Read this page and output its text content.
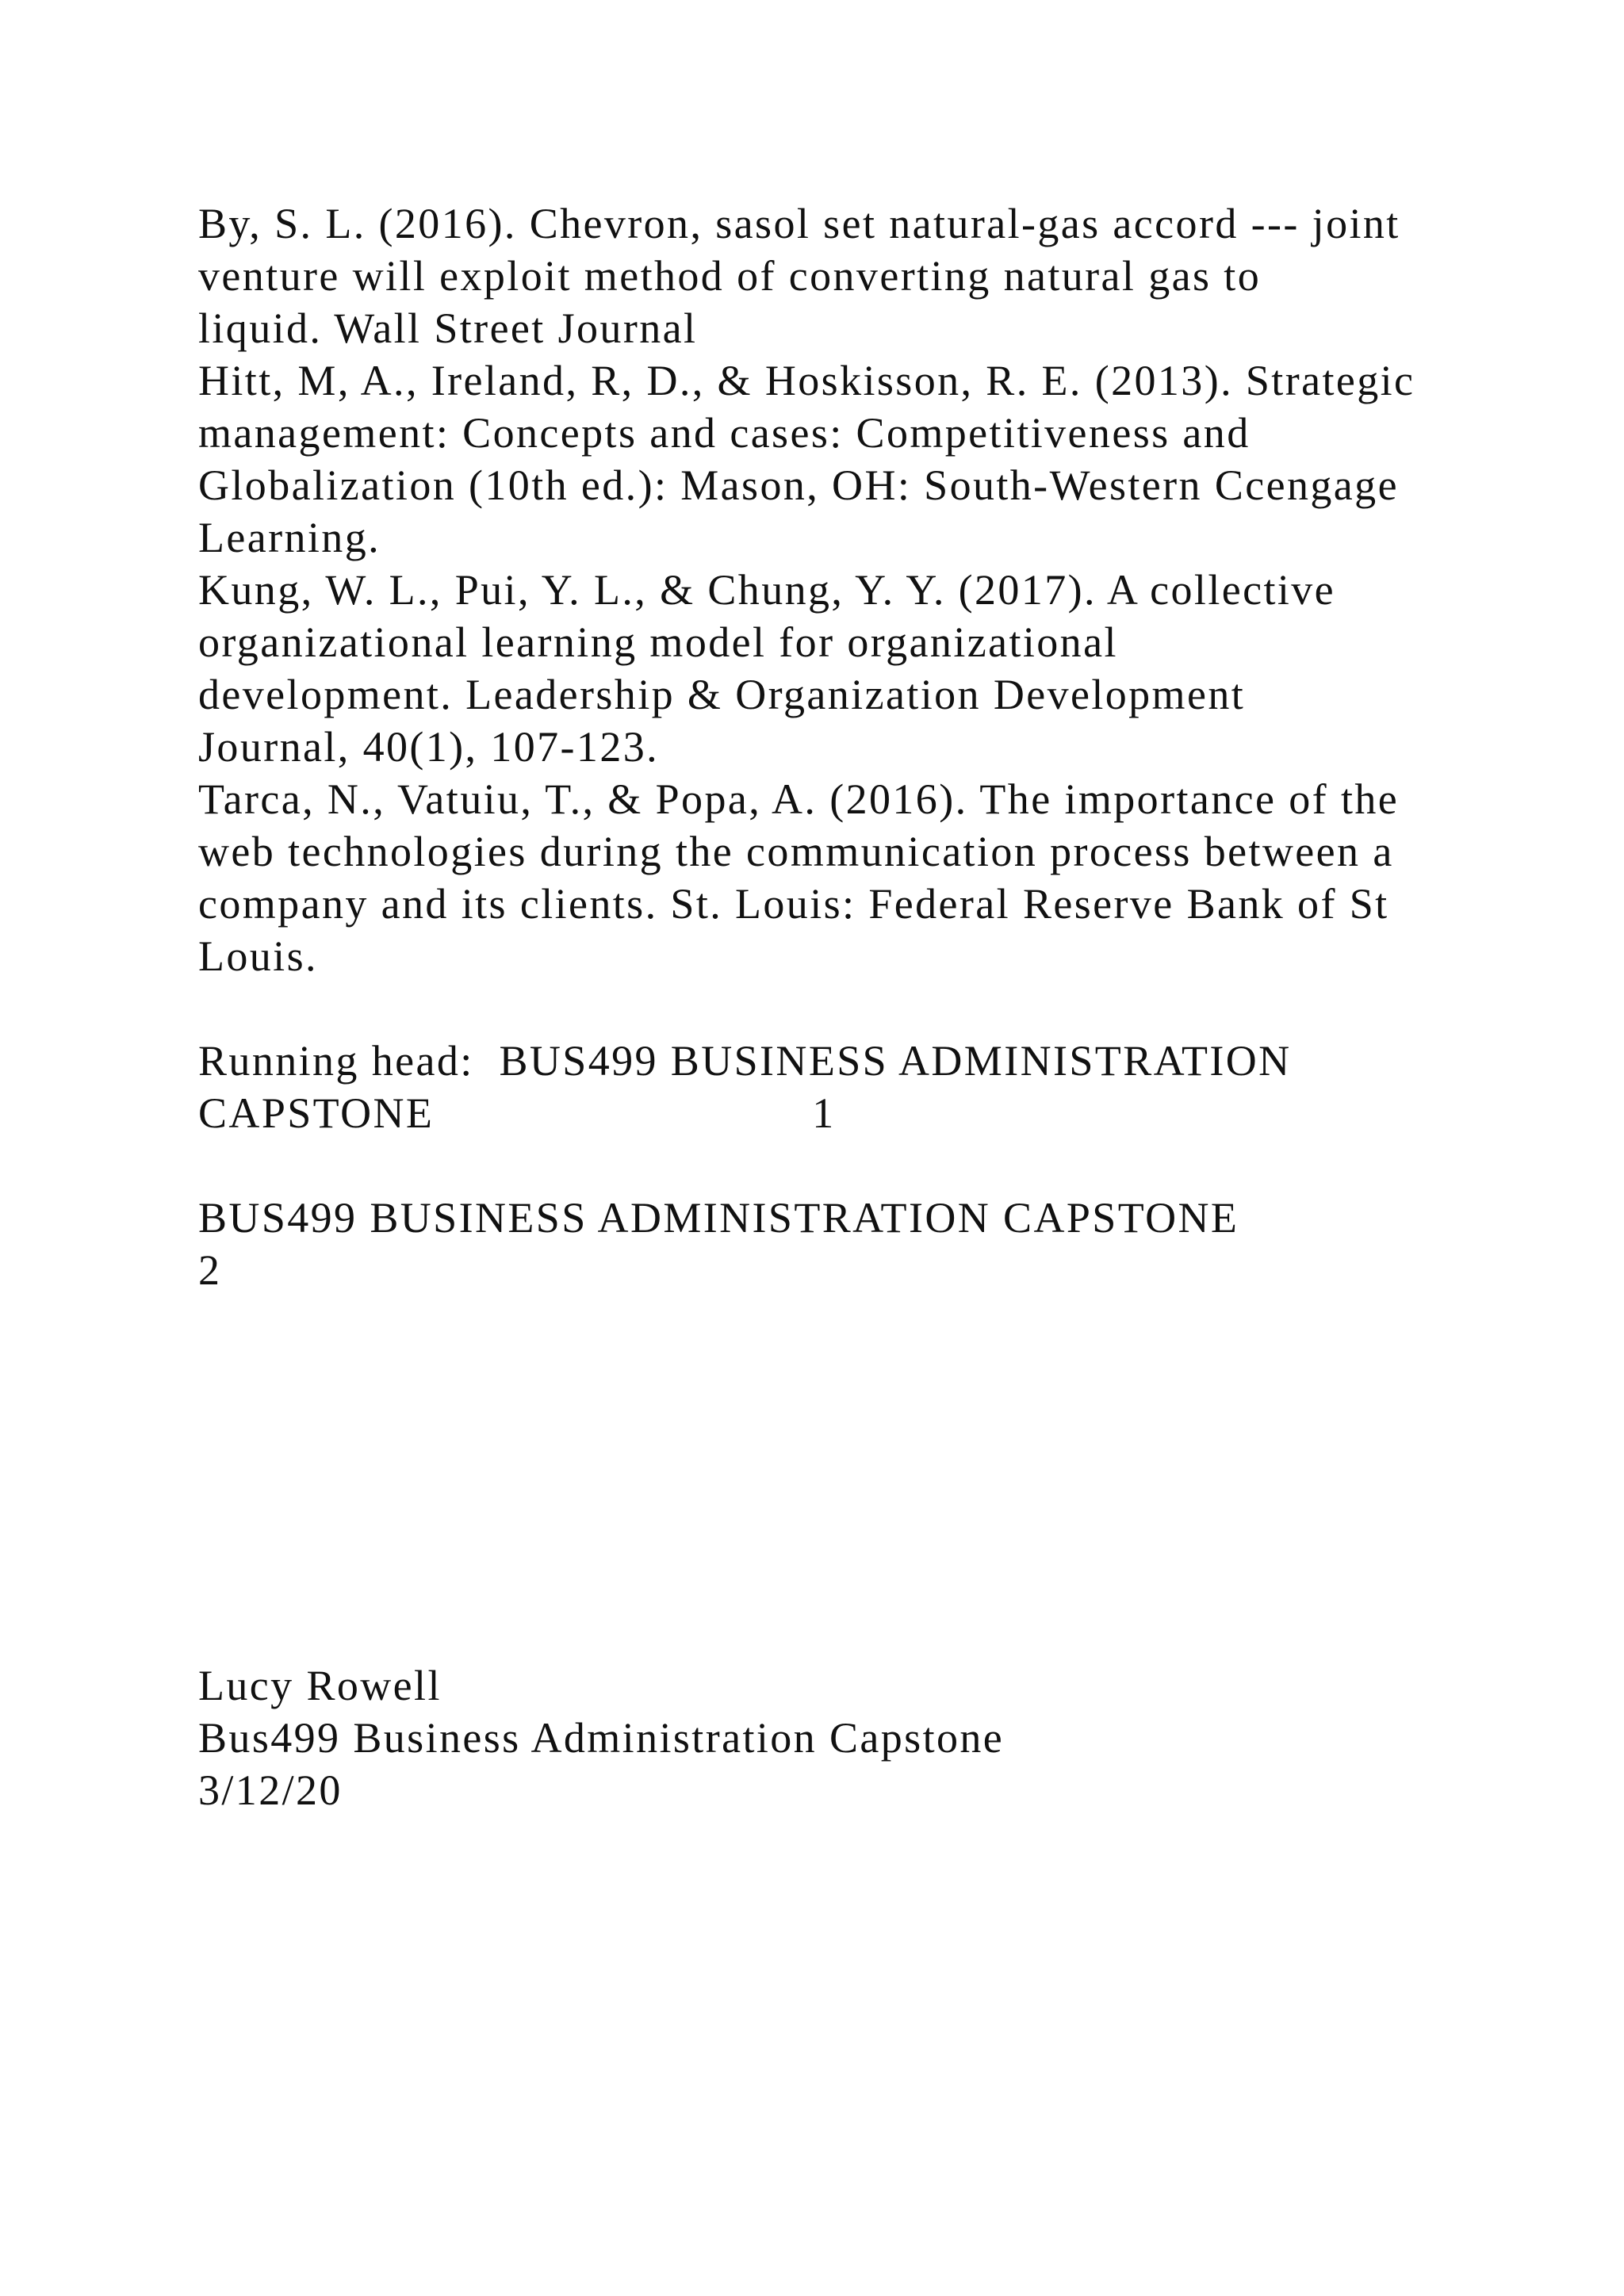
By, S. L. (2016). Chevron, sasol set natural-gas accord --- joint
venture will exploit method of converting natural gas to
liquid. Wall Street Journal
Hitt, M, A., Ireland, R, D., & Hoskisson, R. E. (2013). Strategic
management: Concepts and cases: Competitiveness and
Globalization (10th ed.): Mason, OH: South-Western Ccengage
Learning.
Kung, W. L., Pui, Y. L., & Chung, Y. Y. (2017). A collective
organizational learning model for organizational
development. Leadership & Organization Development
Journal, 40(1), 107-123.
Tarca, N., Vatuiu, T., & Popa, A. (2016). The importance of the
web technologies during the communication process between a
company and its clients. St. Louis: Federal Reserve Bank of St
Louis.
Running head:  BUS499 BUSINESS ADMINISTRATION
CAPSTONE                              1
BUS499 BUSINESS ADMINISTRATION CAPSTONE
2
Lucy Rowell
Bus499 Business Administration Capstone
3/12/20
